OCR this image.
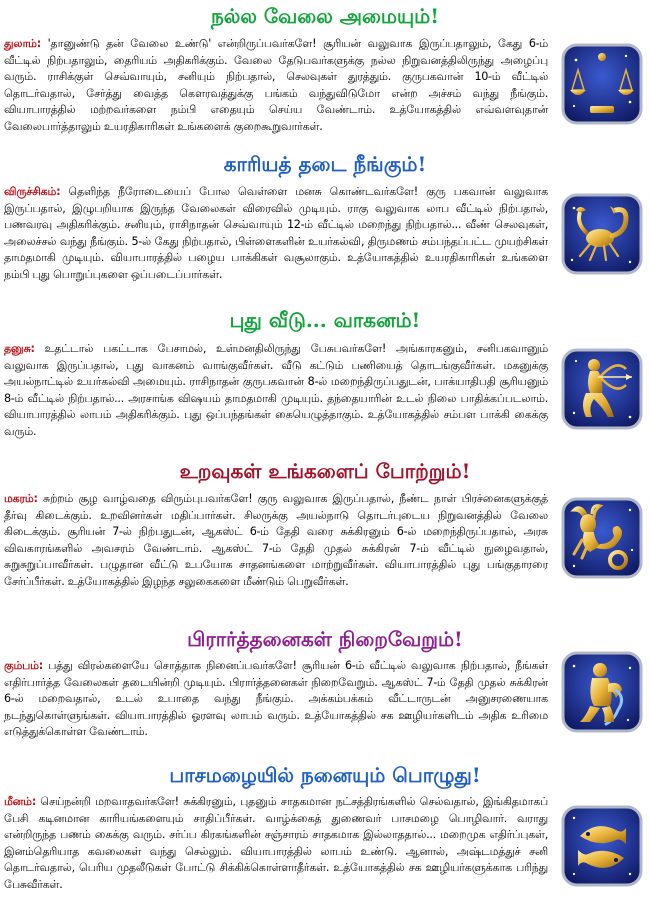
நல்ல வேலை அமையும்!
துலாம்: 'தானுண்டு தன் வேலை உண்டு' என்றிருப்பவர்களே! சூரியன் வலுவாக இருப்பதாலும், கேது 6-ம் வீட்டில் நிற்பதாலும், தைரியம் அதிகரிக்கும். வேலை தேடுபவர்களுக்கு நல்ல நிறுவனத்திலிருந்து அழைப்பு வரும். ராசிக்குள் செவ்வாயும், சனியும் நிற்பதால், செலவுகள் துரத்தும். குருபகவான் 10-ம் வீட்டில் தொடர்வதால், சேர்த்து வைத்த கௌரவத்துக்கு பங்கம் வந்துவிடுமோ என்ற அச்சம் வந்து நீங்கும். வியாபாரத்தில் மற்றவர்களை நம்பி எதையும் செய்ய வேண்டாம். உத்யோகத்தில் எவ்வளவுதான் வேலைபார்த்தாலும் உயரதிகாரிகள் உங்களைக் குறைகூறுவார்கள்.
காரியத் தடை நீங்கும்!
விருச்சிகம்: தெளிந்த நீரோடையைப் போல வெள்ளை மனசு கொண்டவர்களே! குரு பகவான் வலுவாக இருப்பதால், இழுபறியாக இருந்த வேலைகள் விரைவில் முடியும். ராகு வலுவாக லாப வீட்டில் நிற்பதால், பணவரவு அதிகரிக்கும். சனியும், ராசிநாதன் செவ்வாயும் 12-ம் வீட்டில் மறைந்து நிற்பதால்... வீண் செலவுகள், அலைச்சல் வந்து நீங்கும். 5-ல் கேது நிற்பதால், பிள்ளைகளின் உயர்கல்வி, திருமணம் சம்பந்தப்பட்ட முயற்சிகள் தாமதமாகி முடியும். வியாபாரத்தில் பழைய பாக்கிகள் வசூலாகும். உத்யோகத்தில் உயரதிகாரிகள் உங்களை நம்பி புது பொறுப்புகளை ஒப்படைப்பார்கள்.
புது வீடு... வாகனம்!
தனுசு: உதட்டால் பகட்டாக பேசாமல், உள்மனதிலிருந்து பேசுபவர்களே! அங்காரகனும், சனிபகவானும் வலுவாக இருப்பதால், புது வாகனம் வாங்குவீர்கள். வீடு கட்டும் பணியைத் தொடங்குவீர்கள். மகனுக்கு அயல்நாட்டில் உயர்கல்வி அமையும். ராசிநாதன் குருபகவான் 8-ல் மறைந்திருப்பதுடன், பாக்யாதிபதி சூரியனும் 8-ம் வீட்டில் நிற்பதால்... அரசாங்க விஷயம் தாமதமாகி முடியும். தந்தையாரின் உடல் நிலை பாதிக்கப்படலாம். வியாபாரத்தில் லாபம் அதிகரிக்கும். புது ஒப்பந்தங்கள் கையெழுத்தாகும். உத்யோகத்தில் சம்பள பாக்கி கைக்கு வரும்.
உறவுகள் உங்களைப் போற்றும்!
மகரம்: சுற்றம் சூழ வாழ்வதை விரும்புபவர்களே! குரு வலுவாக இருப்பதால், நீண்ட நாள் பிரச்னைகளுக்குத் தீர்வு கிடைக்கும். உறவினர்கள் மதிப்பார்கள். சிலருக்கு அயல்நாடு தொடர்புடைய நிறுவனத்தில் வேலை கிடைக்கும். சூரியன் 7-ல் நிற்பதுடன், ஆகஸ்ட் 6-ம் தேதி வரை சுக்கிரனும் 6-ல் மறைந்திருப்பதால், அரசு விவகாரங்களில் அவசரம் வேண்டாம். ஆகஸ்ட் 7-ம் தேதி முதல் சுக்கிரன் 7-ம் வீட்டில் நுழைவதால், சுறுசுறுப்பாவீர்கள். பழுதான வீட்டு உபயோக சாதனங்களை மாற்றுவீர்கள். வியாபாரத்தில் புது பங்குதாரரை சேர்ப்பீர்கள். உத்யோகத்தில் இழந்த சலுகைகளை மீண்டும் பெறுவீர்கள்.
பிரார்த்தனைகள் நிறைவேறும்!
கும்பம்: பத்து விரல்களையே சொத்தாக நினைப்பவர்களே! சூரியன் 6-ம் வீட்டில் வலுவாக நிற்பதால், நீங்கள் எதிர்பார்த்த வேலைகள் தடையின்றி முடியும். பிரார்த்தனைகள் நிறைவேறும். ஆகஸ்ட் 7-ம் தேதி முதல் சுக்கிரன் 6-ல் மறைவதால், உடல் உபாதை வந்து நீங்கும். அக்கம்பக்கம் வீட்டாருடன் அனுசரணையாக நடந்துகொள்ளுங்கள். வியாபாரத்தில் ஓரளவு லாபம் வரும். உத்யோகத்தில் சக ஊழியர்களிடம் அதிக உரிமை எடுத்துக்கொள்ள வேண்டாம்.
பாசமழையில் நனையும் பொழுது!
மீனம்: செய்நன்றி மறவாதவர்களே! சுக்கிரனும், புதனும் சாதகமான நட்சத்திரங்களில் செல்வதால், இங்கிதமாகப் பேசி கடினமான காரியங்களையும் சாதிப்பீர்கள். வாழ்க்கைத் துணைவர் பாசமழை பொழிவார். வராது என்றிருந்த பணம் கைக்கு வரும். சர்ப்ப கிரகங்களின் சஞ்சாரம் சாதகமாக இல்லாததால்... மறைமுக எதிர்ப்புகள், இனம்தெரியாத கவலைகள் வந்து செல்லும். வியாபாரத்தில் லாபம் உண்டு. ஆனால், அஷ்டமத்துச் சனி தொடர்வதால், பெரிய முதலீடுகள் போட்டு சிக்கிக்கொள்ளாதீர்கள். உத்யோகத்தில் சக ஊழியர்களுக்காக பரிந்து பேசுவீர்கள்.
